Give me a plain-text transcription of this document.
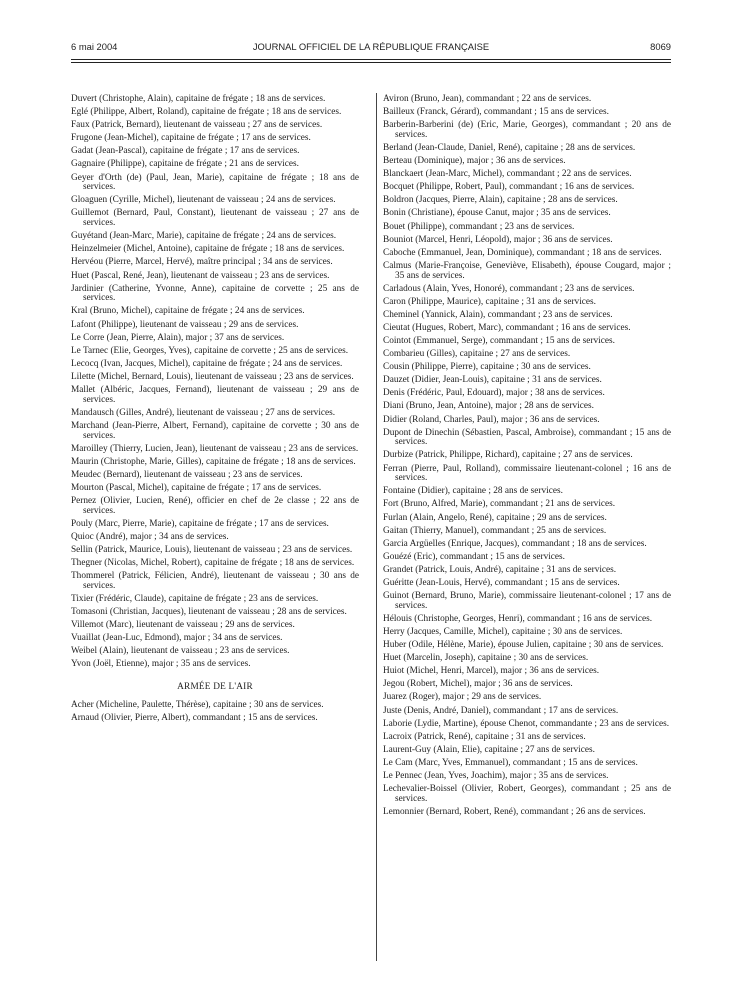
6 mai 2004	JOURNAL OFFICIEL DE LA RÉPUBLIQUE FRANÇAISE	8069

Duvert (Christophe, Alain), capitaine de frégate ; 18 ans de services.

Eglé (Philippe, Albert, Roland), capitaine de frégate ; 18 ans de services.

Faux (Patrick, Bernard), lieutenant de vaisseau ; 27 ans de services.

Frugone (Jean-Michel), capitaine de frégate ; 17 ans de services.

Gadat (Jean-Pascal), capitaine de frégate ; 17 ans de services.

Gagnaire (Philippe), capitaine de frégate ; 21 ans de services.

Geyer d'Orth (de) (Paul, Jean, Marie), capitaine de frégate ; 18 ans de services.

Gloaguen (Cyrille, Michel), lieutenant de vaisseau ; 24 ans de services.

Guillemot (Bernard, Paul, Constant), lieutenant de vaisseau ; 27 ans de services.

Guyétand (Jean-Marc, Marie), capitaine de frégate ; 24 ans de services.

Heinzelmeier (Michel, Antoine), capitaine de frégate ; 18 ans de services.

Hervéou (Pierre, Marcel, Hervé), maître principal ; 34 ans de services.

Huet (Pascal, René, Jean), lieutenant de vaisseau ; 23 ans de services.

Jardinier (Catherine, Yvonne, Anne), capitaine de corvette ; 25 ans de services.

Kral (Bruno, Michel), capitaine de frégate ; 24 ans de services.

Lafont (Philippe), lieutenant de vaisseau ; 29 ans de services.

Le Corre (Jean, Pierre, Alain), major ; 37 ans de services.

Le Tarnec (Elie, Georges, Yves), capitaine de corvette ; 25 ans de services.

Lecocq (Ivan, Jacques, Michel), capitaine de frégate ; 24 ans de services.

Lilette (Michel, Bernard, Louis), lieutenant de vaisseau ; 23 ans de services.

Mallet (Albéric, Jacques, Fernand), lieutenant de vaisseau ; 29 ans de services.

Mandausch (Gilles, André), lieutenant de vaisseau ; 27 ans de services.

Marchand (Jean-Pierre, Albert, Fernand), capitaine de corvette ; 30 ans de services.

Maroilley (Thierry, Lucien, Jean), lieutenant de vaisseau ; 23 ans de services.

Maurin (Christophe, Marie, Gilles), capitaine de frégate ; 18 ans de services.

Meudec (Bernard), lieutenant de vaisseau ; 23 ans de services.

Mourton (Pascal, Michel), capitaine de frégate ; 17 ans de services.

Pernez (Olivier, Lucien, René), officier en chef de 2e classe ; 22 ans de services.

Pouly (Marc, Pierre, Marie), capitaine de frégate ; 17 ans de services.

Quioc (André), major ; 34 ans de services.

Sellin (Patrick, Maurice, Louis), lieutenant de vaisseau ; 23 ans de services.

Thegner (Nicolas, Michel, Robert), capitaine de frégate ; 18 ans de services.

Thommerel (Patrick, Félicien, André), lieutenant de vaisseau ; 30 ans de services.

Tixier (Frédéric, Claude), capitaine de frégate ; 23 ans de services.

Tomasoni (Christian, Jacques), lieutenant de vaisseau ; 28 ans de services.

Villemot (Marc), lieutenant de vaisseau ; 29 ans de services.

Vuaillat (Jean-Luc, Edmond), major ; 34 ans de services.

Weibel (Alain), lieutenant de vaisseau ; 23 ans de services.

Yvon (Joël, Etienne), major ; 35 ans de services.

ARMÉE DE L'AIR

Acher (Micheline, Paulette, Thérèse), capitaine ; 30 ans de services.

Arnaud (Olivier, Pierre, Albert), commandant ; 15 ans de services.

Aviron (Bruno, Jean), commandant ; 22 ans de services.

Bailleux (Franck, Gérard), commandant ; 15 ans de services.

Barberin-Barberini (de) (Eric, Marie, Georges), commandant ; 20 ans de services.

Berland (Jean-Claude, Daniel, René), capitaine ; 28 ans de services.

Berteau (Dominique), major ; 36 ans de services.

Blanckaert (Jean-Marc, Michel), commandant ; 22 ans de services.

Bocquet (Philippe, Robert, Paul), commandant ; 16 ans de services.

Boldron (Jacques, Pierre, Alain), capitaine ; 28 ans de services.

Bonin (Christiane), épouse Canut, major ; 35 ans de services.

Bouet (Philippe), commandant ; 23 ans de services.

Bouniot (Marcel, Henri, Léopold), major ; 36 ans de services.

Caboche (Emmanuel, Jean, Dominique), commandant ; 18 ans de services.

Calmus (Marie-Françoise, Geneviève, Elisabeth), épouse Cougard, major ; 35 ans de services.

Carladous (Alain, Yves, Honoré), commandant ; 23 ans de services.

Caron (Philippe, Maurice), capitaine ; 31 ans de services.

Cheminel (Yannick, Alain), commandant ; 23 ans de services.

Cieutat (Hugues, Robert, Marc), commandant ; 16 ans de services.

Cointot (Emmanuel, Serge), commandant ; 15 ans de services.

Combarieu (Gilles), capitaine ; 27 ans de services.

Cousin (Philippe, Pierre), capitaine ; 30 ans de services.

Dauzet (Didier, Jean-Louis), capitaine ; 31 ans de services.

Denis (Frédéric, Paul, Edouard), major ; 38 ans de services.

Diani (Bruno, Jean, Antoine), major ; 28 ans de services.

Didier (Roland, Charles, Paul), major ; 36 ans de services.

Dupont de Dinechin (Sébastien, Pascal, Ambroise), commandant ; 15 ans de services.

Durbize (Patrick, Philippe, Richard), capitaine ; 27 ans de services.

Ferran (Pierre, Paul, Rolland), commissaire lieutenant-colonel ; 16 ans de services.

Fontaine (Didier), capitaine ; 28 ans de services.

Fort (Bruno, Alfred, Marie), commandant ; 21 ans de services.

Furlan (Alain, Angelo, René), capitaine ; 29 ans de services.

Gaitan (Thierry, Manuel), commandant ; 25 ans de services.

Garcia Argüelles (Enrique, Jacques), commandant ; 18 ans de services.

Gouézé (Eric), commandant ; 15 ans de services.

Grandet (Patrick, Louis, André), capitaine ; 31 ans de services.

Guéritte (Jean-Louis, Hervé), commandant ; 15 ans de services.

Guinot (Bernard, Bruno, Marie), commissaire lieutenant-colonel ; 17 ans de services.

Hélouis (Christophe, Georges, Henri), commandant ; 16 ans de services.

Herry (Jacques, Camille, Michel), capitaine ; 30 ans de services.

Huber (Odile, Hélène, Marie), épouse Julien, capitaine ; 30 ans de services.

Huet (Marcelin, Joseph), capitaine ; 30 ans de services.

Huiot (Michel, Henri, Marcel), major ; 36 ans de services.

Jegou (Robert, Michel), major ; 36 ans de services.

Juarez (Roger), major ; 29 ans de services.

Juste (Denis, André, Daniel), commandant ; 17 ans de services.

Laborie (Lydie, Martine), épouse Chenot, commandante ; 23 ans de services.

Lacroix (Patrick, René), capitaine ; 31 ans de services.

Laurent-Guy (Alain, Elie), capitaine ; 27 ans de services.

Le Cam (Marc, Yves, Emmanuel), commandant ; 15 ans de services.

Le Pennec (Jean, Yves, Joachim), major ; 35 ans de services.

Lechevalier-Boissel (Olivier, Robert, Georges), commandant ; 25 ans de services.

Lemonnier (Bernard, Robert, René), commandant ; 26 ans de services.
